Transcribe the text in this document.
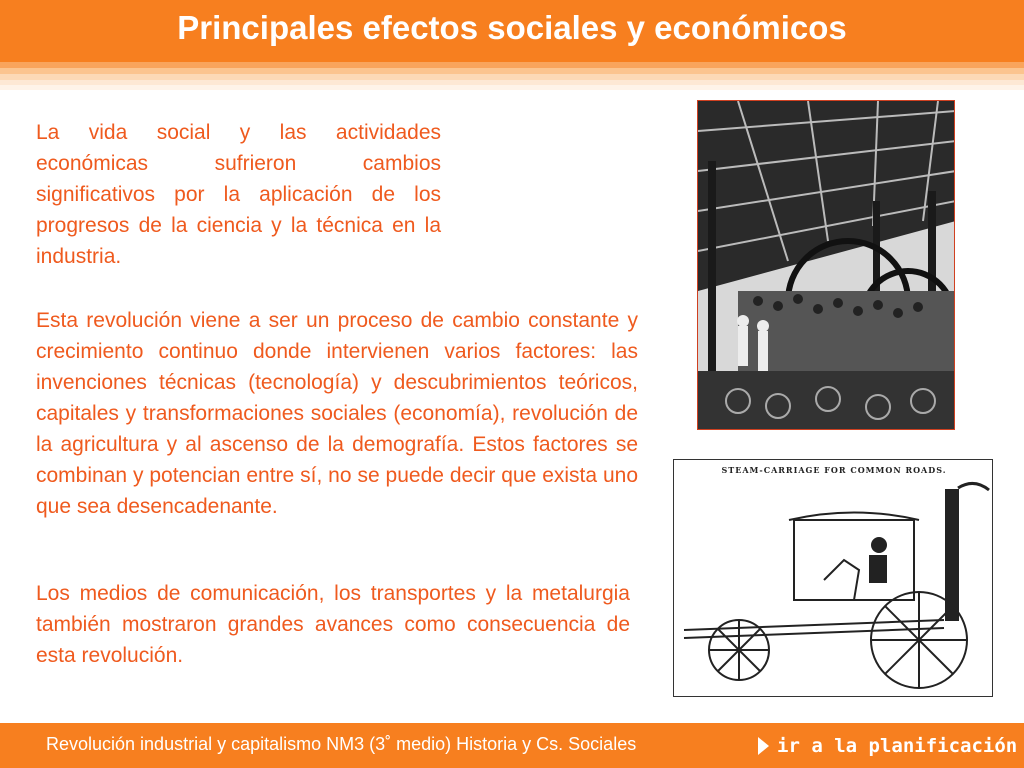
Principales efectos sociales y económicos

La vida social y las actividades económicas sufrieron cambios significativos por la aplicación de los progresos de la ciencia y la técnica en la industria.

Esta revolución viene a ser un proceso de cambio constante y crecimiento continuo donde intervienen varios factores: las invenciones técnicas (tecnología) y descubrimientos teóricos, capitales y transformaciones sociales (economía), revolución de la agricultura y al ascenso de la demografía. Estos factores se combinan y potencian entre sí, no se puede decir que exista uno que sea desencadenante.

Los medios de comunicación, los transportes y la metalurgia también mostraron grandes avances como consecuencia de esta revolución.

STEAM-CARRIAGE FOR COMMON ROADS.
Revolución industrial y capitalismo NM3 (3˚ medio) Historia y Cs. Sociales	ir a la planificación
